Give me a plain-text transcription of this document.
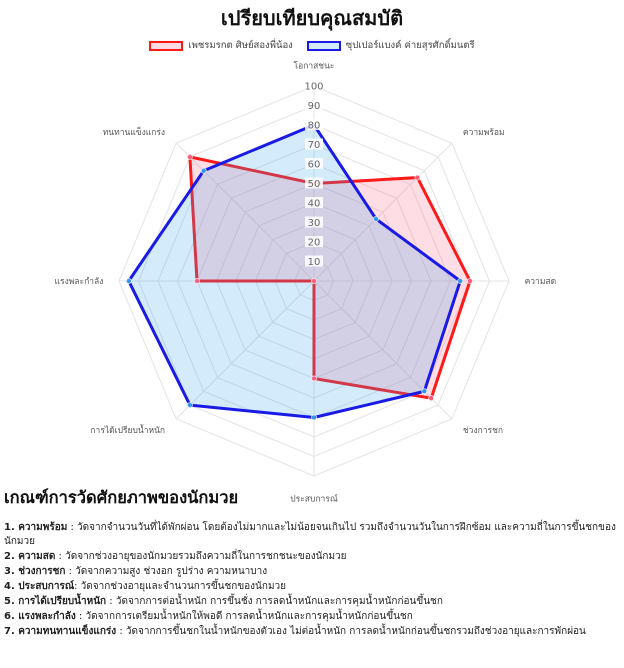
เปรียบเทียบคุณสมบัติ
เพชรมรกต ศิษย์สองพี่น้อง	ซุปเปอร์แบงค์ ค่ายสุรศักดิ์มนตรี
10
20
30
40
50
60
70
80
90
100
โอกาสชนะ
ความพร้อม
ความสด
ช่วงการชก
ประสบการณ์
การได้เปรียบน้ำหนัก
แรงพละกำลัง
ทนทานแข็งแกร่ง
เกณฑ์การวัดศักยภาพของนักมวย
1. ความพร้อม : วัดจากจำนวนวันที่ได้พักผ่อน โดยต้องไม่มากและไม่น้อยจนเกินไป รวมถึงจำนวนวันในการฝึกซ้อม และความถี่ในการขึ้นชกของนักมวย
2. ความสด : วัดจากช่วงอายุของนักมวยรวมถึงความถี่ในการชกชนะของนักมวย
3. ช่วงการชก : วัดจากความสูง ช่วงอก รูปร่าง ความหนาบาง
4. ประสบการณ์: วัดจากช่วงอายุและจำนวนการขึ้นชกของนักมวย
5. การได้เปรียบน้ำหนัก : วัดจากการต่อน้ำหนัก การขึ้นชั่ง การลดน้ำหนักและการคุมน้ำหนักก่อนขึ้นชก
6. แรงพละกำลัง : วัดจากการเตรียมน้ำหนักให้พอดี การลดน้ำหนักและการคุมน้ำหนักก่อนขึ้นชก
7. ความทนทานแข็งแกร่ง : วัดจากการขึ้นชกในน้ำหนักของตัวเอง ไม่ต่อน้ำหนัก การลดน้ำหนักก่อนขึ้นชกรวมถึงช่วงอายุและการพักผ่อน
